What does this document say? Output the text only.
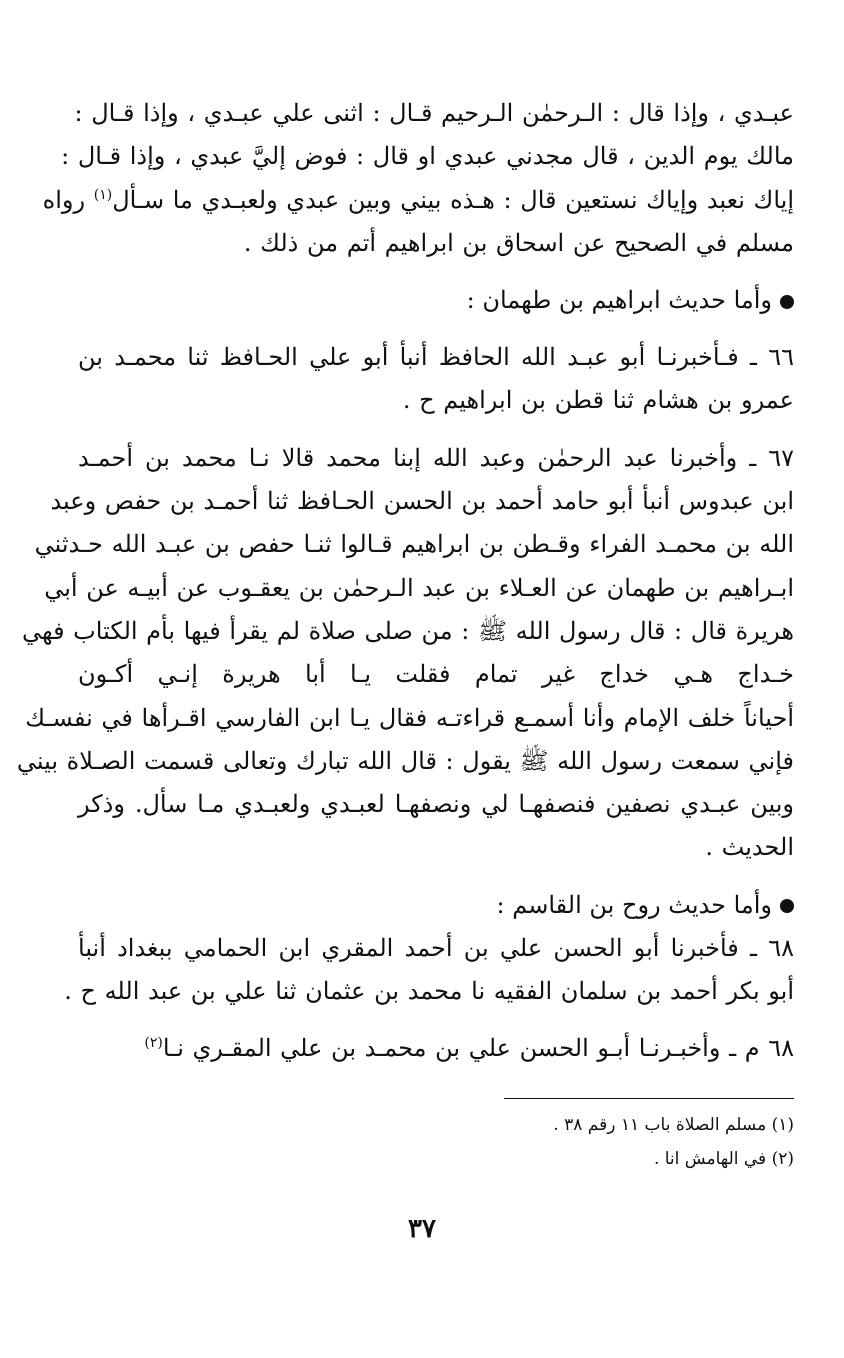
عبـدي ، وإذا قال : الـرحمٰن الـرحيم قـال : اثنى علي عبـدي ، وإذا قـال :
مالك يوم الدين ، قال مجدني عبدي او قال : فوض إليَّ عبدي ، وإذا قـال :
إياك نعبد وإياك نستعين قال : هـذه بيني وبين عبدي ولعبـدي ما سـأل$^{(١)}$ رواه
مسلم في الصحيح عن اسحاق بن ابراهيم أتم من ذلك .

وأما حديث ابراهيم بن طهمان :

٦٦ ـ فـأخبرنـا أبو عبـد الله الحافظ أنبأ أبو علي الحـافظ ثنا محمـد بن
عمرو بن هشام ثنا قطن بن ابراهيم ح .

٦٧ ـ وأخبرنا عبد الرحمٰن وعبد الله إبنا محمد قالا نـا محمد بن أحمـد
ابن عبدوس أنبأ أبو حامد أحمد بن الحسن الحـافظ ثنا أحمـد بن حفص وعبد
الله بن محمـد الفراء وقـطن بن ابراهيم قـالوا ثنـا حفص بن عبـد الله حـدثني
ابـراهيم بن طهمان عن العـلاء بن عبد الـرحمٰن بن يعقـوب عن أبيـه عن أبي
هريرة قال : قال رسول الله ﷺ : من صلى صلاة لم يقرأ فيها بأم الكتاب فهي
خـداج هـي خداج غير تمام فقلت يـا أبا هريرة إنـي أكـون
أحياناً خلف الإمام وأنا أسمـع قراءتـه فقال يـا ابن الفارسي اقـرأها في نفسـك
فإني سمعت رسول الله ﷺ يقول : قال الله تبارك وتعالى قسمت الصـلاة بيني
وبين عبـدي نصفين فنصفهـا لي ونصفهـا لعبـدي ولعبـدي مـا سأل. وذكر
الحديث .

وأما حديث روح بن القاسم :

٦٨ ـ فأخبرنا أبو الحسن علي بن أحمد المقري ابن الحمامي ببغداد أنبأ
أبو بكر أحمد بن سلمان الفقيه نا محمد بن عثمان ثنا علي بن عبد الله ح .

٦٨ م ـ وأخبـرنـا أبـو الحسن علي بن محمـد بن علي المقـري نـا$^{(٢)}$

(١) مسلم الصلاة باب ١١ رقم ٣٨ .
(٢) في الهامش انا .
٣٧
